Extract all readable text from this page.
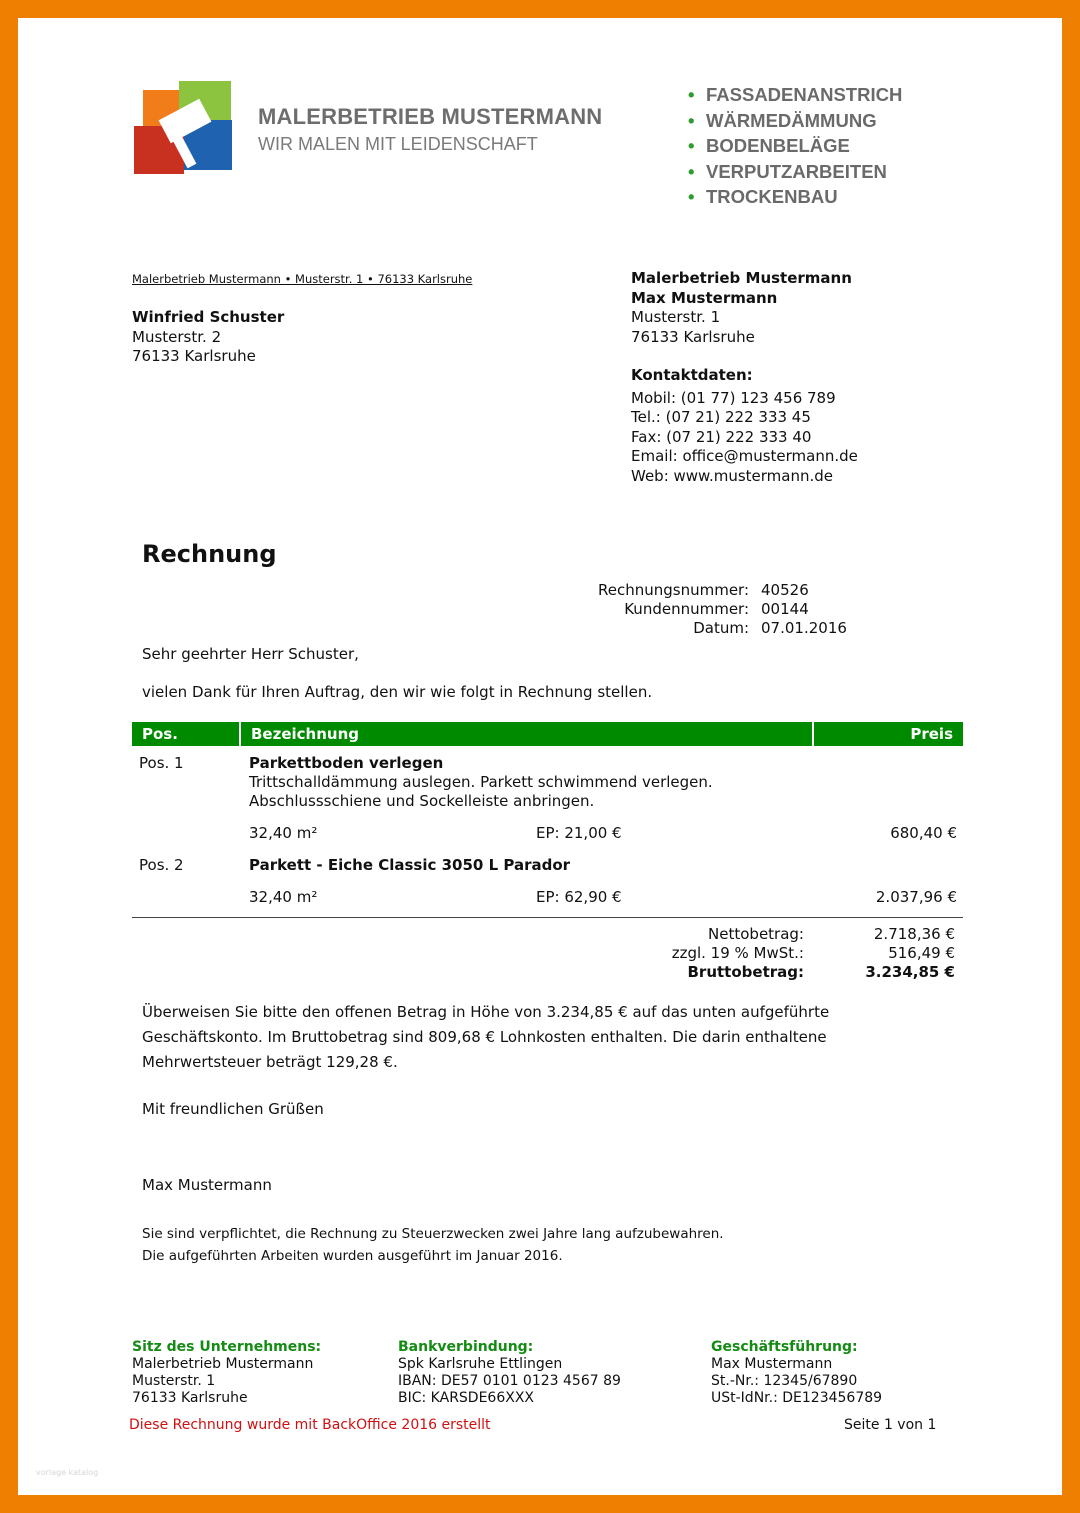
MALERBETRIEB MUSTERMANN
WIR MALEN MIT LEIDENSCHAFT
• FASSADENANSTRICH
• WÄRMEDÄMMUNG
• BODENBELÄGE
• VERPUTZARBEITEN
• TROCKENBAU
Malerbetrieb Mustermann • Musterstr. 1 • 76133 Karlsruhe
Winfried Schuster
Musterstr. 2
76133 Karlsruhe
Malerbetrieb Mustermann
Max Mustermann
Musterstr. 1
76133 Karlsruhe
Kontaktdaten:
Mobil: (01 77) 123 456 789
Tel.: (07 21) 222 333 45
Fax: (07 21) 222 333 40
Email: office@mustermann.de
Web: www.mustermann.de
Rechnung
Rechnungsnummer:	40526
Kundennummer:	00144
Datum:	07.01.2016
Sehr geehrter Herr Schuster,
vielen Dank für Ihren Auftrag, den wir wie folgt in Rechnung stellen.
Pos.	Bezeichnung	Preis
Pos. 1	Parkettboden verlegen
Trittschalldämmung auslegen. Parkett schwimmend verlegen.
Abschlussschiene und Sockelleiste anbringen.
32,40 m²	EP: 21,00 €	680,40 €
Pos. 2	Parkett - Eiche Classic 3050 L Parador
32,40 m²	EP: 62,90 €	2.037,96 €
Nettobetrag:	2.718,36 €
zzgl. 19 % MwSt.:	516,49 €
Bruttobetrag:	3.234,85 €
Überweisen Sie bitte den offenen Betrag in Höhe von 3.234,85 € auf das unten aufgeführte
Geschäftskonto. Im Bruttobetrag sind 809,68 € Lohnkosten enthalten. Die darin enthaltene
Mehrwertsteuer beträgt 129,28 €.
Mit freundlichen Grüßen
Max Mustermann
Sie sind verpflichtet, die Rechnung zu Steuerzwecken zwei Jahre lang aufzubewahren.
Die aufgeführten Arbeiten wurden ausgeführt im Januar 2016.
Sitz des Unternehmens:
Malerbetrieb Mustermann
Musterstr. 1
76133 Karlsruhe
Bankverbindung:
Spk Karlsruhe Ettlingen
IBAN: DE57 0101 0123 4567 89
BIC: KARSDE66XXX
Geschäftsführung:
Max Mustermann
St.-Nr.: 12345/67890
USt-IdNr.: DE123456789
Diese Rechnung wurde mit BackOffice 2016 erstellt	Seite 1 von 1
vorlage katalog
